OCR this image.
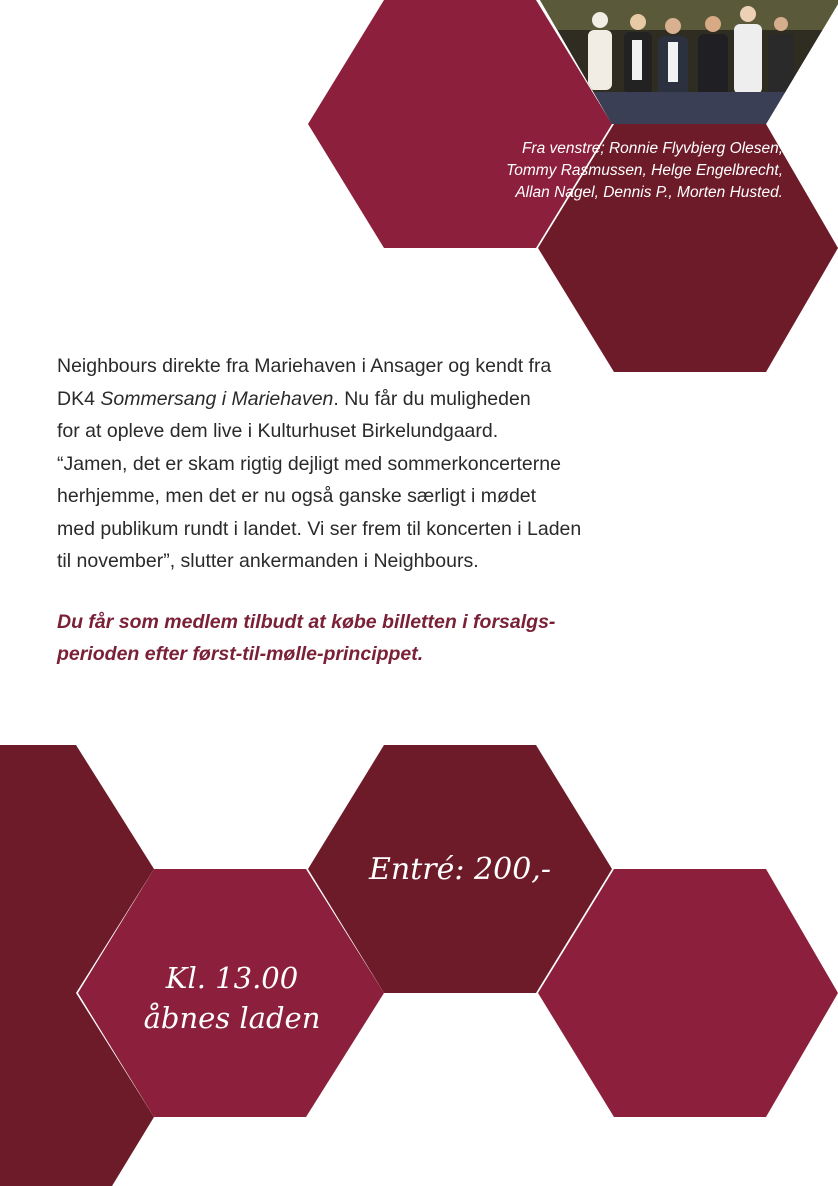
Fra venstre; Ronnie Flyvbjerg Olesen,
Tommy Rasmussen, Helge Engelbrecht,
Allan Nagel, Dennis P., Morten Husted.
Neighbours direkte fra Mariehaven i Ansager og kendt fra
DK4 Sommersang i Mariehaven. Nu får du muligheden
for at opleve dem live i Kulturhuset Birkelundgaard.
“Jamen, det er skam rigtig dejligt med sommerkoncerterne
herhjemme, men det er nu også ganske særligt i mødet
med publikum rundt i landet. Vi ser frem til koncerten i Laden
til november”, slutter ankermanden i Neighbours.
Du får som medlem tilbudt at købe billetten i forsalgs-
perioden efter først-til-mølle-princippet.
Entré: 200,-
Kl. 13.00
åbnes laden
